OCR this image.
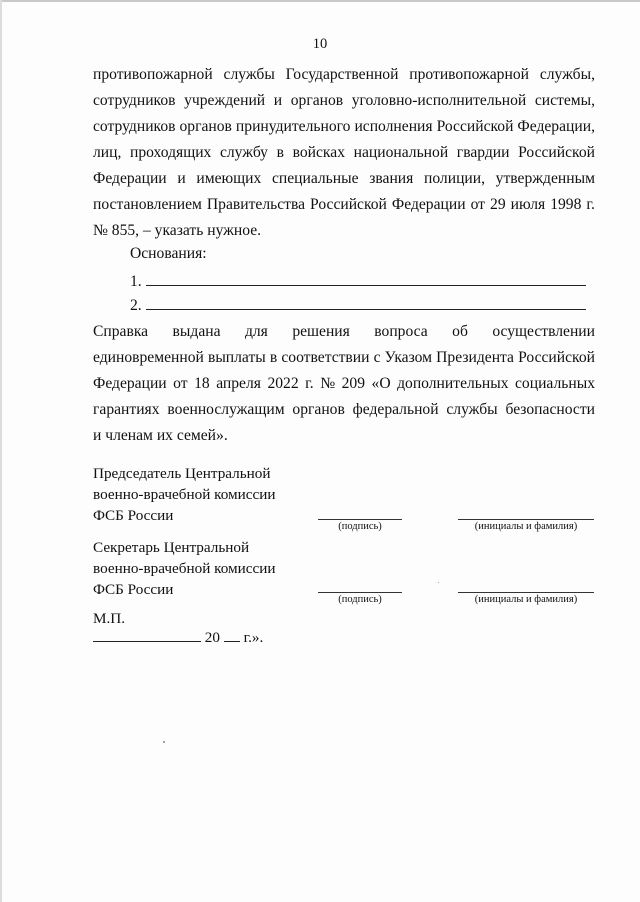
10
противопожарной службы Государственной противопожарной службы,
сотрудников учреждений и органов уголовно-исполнительной системы,
сотрудников органов принудительного исполнения Российской Федерации,
лиц, проходящих службу в войсках национальной гвардии Российской
Федерации и имеющих специальные звания полиции, утвержденным
постановлением Правительства Российской Федерации от 29 июля 1998 г.
№ 855, – указать нужное.
Основания:
1.
2.
Справка выдана для решения вопроса об осуществлении
единовременной выплаты в соответствии с Указом Президента Российской
Федерации от 18 апреля 2022 г. № 209 «О дополнительных социальных
гарантиях военнослужащим органов федеральной службы безопасности
и членам их семей».
Председатель Центральной
военно-врачебной комиссии
ФСБ России
(подпись)	(инициалы и фамилия)
Секретарь Центральной
военно-врачебной комиссии
ФСБ России
(подпись)	(инициалы и фамилия)
М.П.
20 г.».
